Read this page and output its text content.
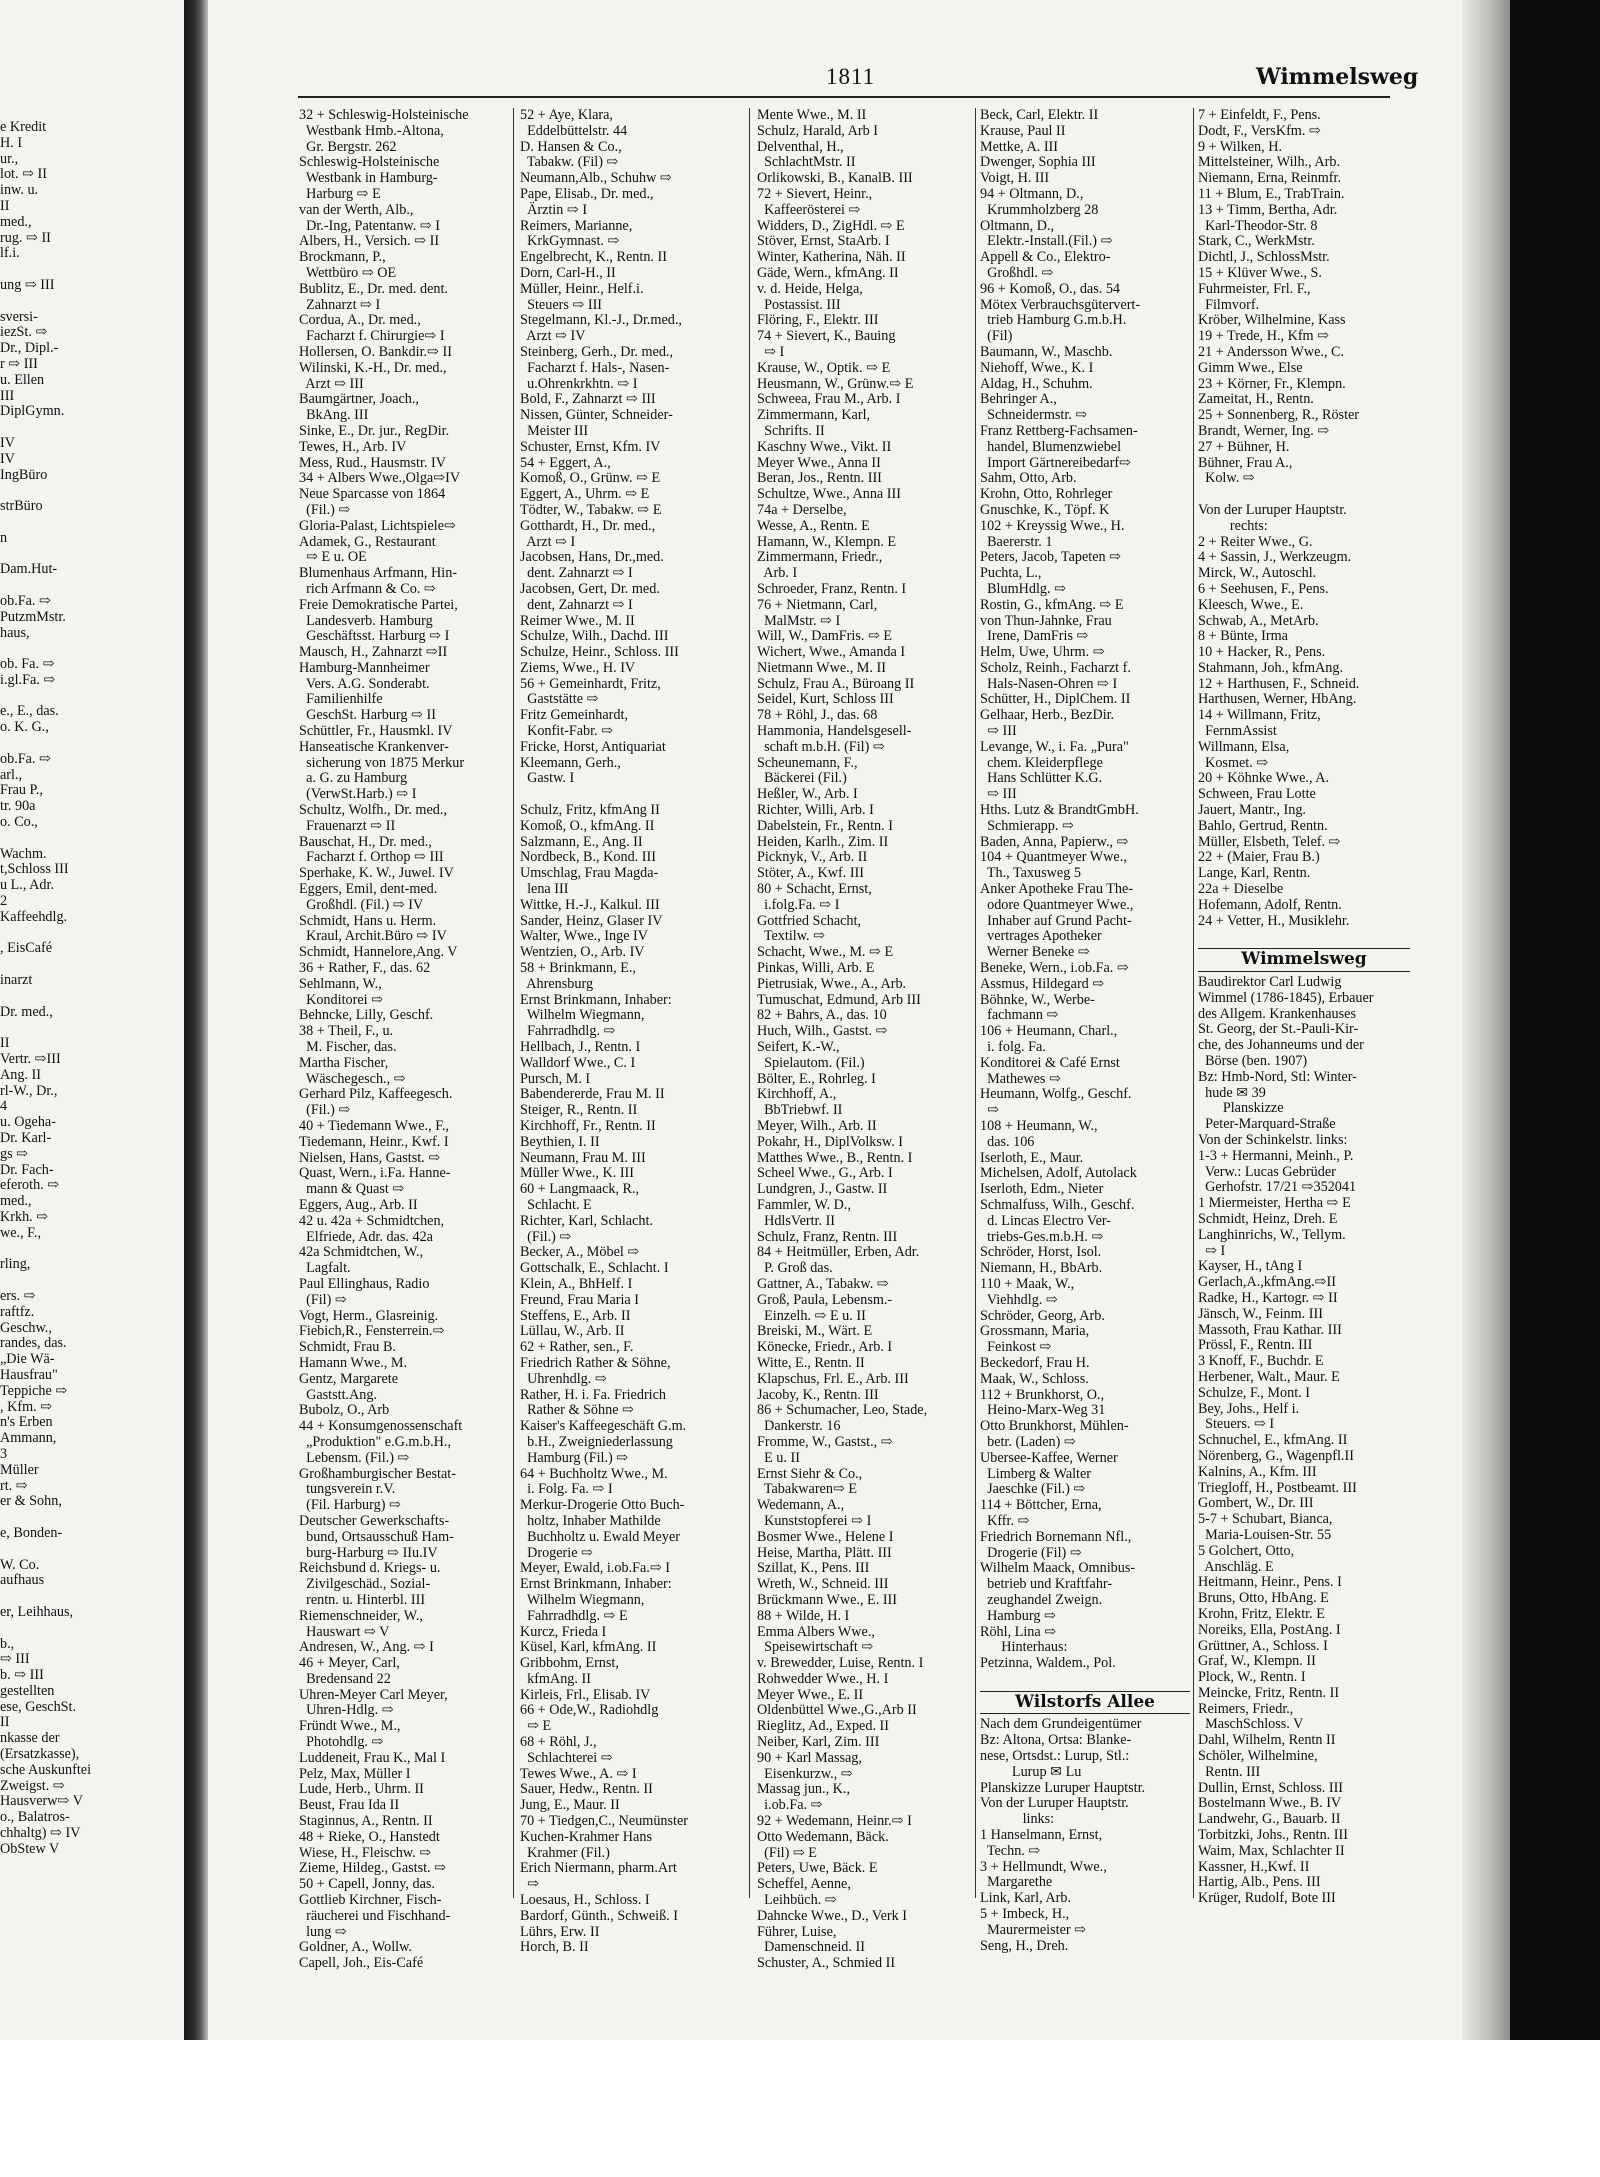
e Kredit
H. I
ur.,
lot. ⇨ II
inw. u.
II
med.,
rug. ⇨ II
lf.i.

ung ⇨ III

sversi-
iezSt. ⇨
Dr., Dipl.-
r ⇨ III
u. Ellen
III
DiplGymn.

IV
IV
IngBüro

strBüro

n

Dam.Hut-

ob.Fa. ⇨
PutzmMstr.
haus,

ob. Fa. ⇨
i.gl.Fa. ⇨

e., E., das.
o. K. G.,

ob.Fa. ⇨
arl.,
Frau P.,
tr. 90a
o. Co.,

Wachm.
t,Schloss III
u L., Adr.
2
Kaffeehdlg.

, EisCafé

inarzt

Dr. med.,

II
Vertr. ⇨III
Ang. II
rl-W., Dr.,
4
u. Ogeha-
Dr. Karl-
gs ⇨
Dr. Fach-
eferoth. ⇨
med.,
Krkh. ⇨
we., F.,

rling,

ers. ⇨
raftfz.
Geschw.,
randes, das.
„Die Wä-
Hausfrau"
Teppiche ⇨
, Kfm. ⇨
n's Erben
Ammann,
3
Müller
rt. ⇨
er & Sohn,

e, Bonden-

W. Co.
aufhaus

er, Leihhaus,

b.,
⇨ III
b. ⇨ III
gestellten
ese, GeschSt.
II
nkasse der
(Ersatzkasse),
sche Auskunftei
Zweigst. ⇨
Hausverw⇨ V
o., Balatros-
chhaltg) ⇨ IV
ObStew V
1811	Wimmelsweg
32 + Schleswig-Holsteinische
Westbank Hmb.-Altona,
Gr. Bergstr. 262
Schleswig-Holsteinische
Westbank in Hamburg-
Harburg ⇨ E
van der Werth, Alb.,
Dr.-Ing, Patentanw. ⇨ I
Albers, H., Versich. ⇨ II
Brockmann, P.,
Wettbüro ⇨ OE
Bublitz, E., Dr. med. dent.
Zahnarzt ⇨ I
Cordua, A., Dr. med.,
Facharzt f. Chirurgie⇨ I
Hollersen, O. Bankdir.⇨ II
Wilinski, K.-H., Dr. med.,
Arzt ⇨ III
Baumgärtner, Joach.,
BkAng. III
Sinke, E., Dr. jur., RegDir.
Tewes, H., Arb. IV
Mess, Rud., Hausmstr. IV
34 + Albers Wwe.,Olga⇨IV
Neue Sparcasse von 1864
(Fil.) ⇨
Gloria-Palast, Lichtspiele⇨
Adamek, G., Restaurant
⇨ E u. OE
Blumenhaus Arfmann, Hin-
rich Arfmann & Co. ⇨
Freie Demokratische Partei,
Landesverb. Hamburg
Geschäftsst. Harburg ⇨ I
Mausch, H., Zahnarzt ⇨II
Hamburg-Mannheimer
Vers. A.G. Sonderabt.
Familienhilfe
GeschSt. Harburg ⇨ II
Schüttler, Fr., Hausmkl. IV
Hanseatische Krankenver-
sicherung von 1875 Merkur
a. G. zu Hamburg
(VerwSt.Harb.) ⇨ I
Schultz, Wolfh., Dr. med.,
Frauenarzt ⇨ II
Bauschat, H., Dr. med.,
Facharzt f. Orthop ⇨ III
Sperhake, K. W., Juwel. IV
Eggers, Emil, dent-med.
Großhdl. (Fil.) ⇨ IV
Schmidt, Hans u. Herm.
Kraul, Archit.Büro ⇨ IV
Schmidt, Hannelore,Ang. V
36 + Rather, F., das. 62
Sehlmann, W.,
Konditorei ⇨
Behncke, Lilly, Geschf.
38 + Theil, F., u.
M. Fischer, das.
Martha Fischer,
Wäschegesch., ⇨
Gerhard Pilz, Kaffeegesch.
(Fil.) ⇨
40 + Tiedemann Wwe., F.,
Tiedemann, Heinr., Kwf. I
Nielsen, Hans, Gastst. ⇨
Quast, Wern., i.Fa. Hanne-
mann & Quast ⇨
Eggers, Aug., Arb. II
42 u. 42a + Schmidtchen,
Elfriede, Adr. das. 42a
42a Schmidtchen, W.,
Lagfalt.
Paul Ellinghaus, Radio
(Fil) ⇨
Vogt, Herm., Glasreinig.
Fiebich,R., Fensterrein.⇨
Schmidt, Frau B.
Hamann Wwe., M.
Gentz, Margarete
Gaststt.Ang.
Bubolz, O., Arb
44 + Konsumgenossenschaft
„Produktion" e.G.m.b.H.,
Lebensm. (Fil.) ⇨
Großhamburgischer Bestat-
tungsverein r.V.
(Fil. Harburg) ⇨
Deutscher Gewerkschafts-
bund, Ortsausschuß Ham-
burg-Harburg ⇨ IIu.IV
Reichsbund d. Kriegs- u.
Zivilgeschäd., Sozial-
rentn. u. Hinterbl. III
Riemenschneider, W.,
Hauswart ⇨ V
Andresen, W., Ang. ⇨ I
46 + Meyer, Carl,
Bredensand 22
Uhren-Meyer Carl Meyer,
Uhren-Hdlg. ⇨
Fründt Wwe., M.,
Photohdlg. ⇨
Luddeneit, Frau K., Mal I
Pelz, Max, Müller I
Lude, Herb., Uhrm. II
Beust, Frau Ida II
Staginnus, A., Rentn. II
48 + Rieke, O., Hanstedt
Wiese, H., Fleischw. ⇨
Zieme, Hildeg., Gastst. ⇨
50 + Capell, Jonny, das.
Gottlieb Kirchner, Fisch-
räucherei und Fischhand-
lung ⇨
Goldner, A., Wollw.
Capell, Joh., Eis-Café
52 + Aye, Klara,
Eddelbüttelstr. 44
D. Hansen & Co.,
Tabakw. (Fil) ⇨
Neumann,Alb., Schuhw ⇨
Pape, Elisab., Dr. med.,
Ärztin ⇨ I
Reimers, Marianne,
KrkGymnast. ⇨
Engelbrecht, K., Rentn. II
Dorn, Carl-H., II
Müller, Heinr., Helf.i.
Steuers ⇨ III
Stegelmann, Kl.-J., Dr.med.,
Arzt ⇨ IV
Steinberg, Gerh., Dr. med.,
Facharzt f. Hals-, Nasen-
u.Ohrenkrkhtn. ⇨ I
Bold, F., Zahnarzt ⇨ III
Nissen, Günter, Schneider-
Meister III
Schuster, Ernst, Kfm. IV
54 + Eggert, A.,
Komoß, O., Grünw. ⇨ E
Eggert, A., Uhrm. ⇨ E
Tödter, W., Tabakw. ⇨ E
Gotthardt, H., Dr. med.,
Arzt ⇨ I
Jacobsen, Hans, Dr.,med.
dent. Zahnarzt ⇨ I
Jacobsen, Gert, Dr. med.
dent, Zahnarzt ⇨ I
Reimer Wwe., M. II
Schulze, Wilh., Dachd. III
Schulze, Heinr., Schloss. III
Ziems, Wwe., H. IV
56 + Gemeinhardt, Fritz,
Gaststätte ⇨
Fritz Gemeinhardt,
Konfit-Fabr. ⇨
Fricke, Horst, Antiquariat
Kleemann, Gerh.,
Gastw. I

Schulz, Fritz, kfmAng II
Komoß, O., kfmAng. II
Salzmann, E., Ang. II
Nordbeck, B., Kond. III
Umschlag, Frau Magda-
lena III
Wittke, H.-J., Kalkul. III
Sander, Heinz, Glaser IV
Walter, Wwe., Inge IV
Wentzien, O., Arb. IV
58 + Brinkmann, E.,
Ahrensburg
Ernst Brinkmann, Inhaber:
Wilhelm Wiegmann,
Fahrradhdlg. ⇨
Hellbach, J., Rentn. I
Walldorf Wwe., C. I
Pursch, M. I
Babendererde, Frau M. II
Steiger, R., Rentn. II
Kirchhoff, Fr., Rentn. II
Beythien, I. II
Neumann, Frau M. III
Müller Wwe., K. III
60 + Langmaack, R.,
Schlacht. E
Richter, Karl, Schlacht.
(Fil.) ⇨
Becker, A., Möbel ⇨
Gottschalk, E., Schlacht. I
Klein, A., BhHelf. I
Freund, Frau Maria I
Steffens, E., Arb. II
Lüllau, W., Arb. II
62 + Rather, sen., F.
Friedrich Rather & Söhne,
Uhrenhdlg. ⇨
Rather, H. i. Fa. Friedrich
Rather & Söhne ⇨
Kaiser's Kaffeegeschäft G.m.
b.H., Zweigniederlassung
Hamburg (Fil.) ⇨
64 + Buchholtz Wwe., M.
i. Folg. Fa. ⇨ I
Merkur-Drogerie Otto Buch-
holtz, Inhaber Mathilde
Buchholtz u. Ewald Meyer
Drogerie ⇨
Meyer, Ewald, i.ob.Fa.⇨ I
Ernst Brinkmann, Inhaber:
Wilhelm Wiegmann,
Fahrradhdlg. ⇨ E
Kurcz, Frieda I
Küsel, Karl, kfmAng. II
Gribbohm, Ernst,
kfmAng. II
Kirleis, Frl., Elisab. IV
66 + Ode,W., Radiohdlg
⇨ E
68 + Röhl, J.,
Schlachterei ⇨
Tewes Wwe., A. ⇨ I
Sauer, Hedw., Rentn. II
Jung, E., Maur. II
70 + Tiedgen,C., Neumünster
Kuchen-Krahmer Hans
Krahmer (Fil.)
Erich Niermann, pharm.Art
⇨
Loesaus, H., Schloss. I
Bardorf, Günth., Schweiß. I
Lührs, Erw. II
Horch, B. II
Mente Wwe., M. II
Schulz, Harald, Arb I
Delventhal, H.,
SchlachtMstr. II
Orlikowski, B., KanalB. III
72 + Sievert, Heinr.,
Kaffeerösterei ⇨
Widders, D., ZigHdl. ⇨ E
Stöver, Ernst, StaArb. I
Winter, Katherina, Näh. II
Gäde, Wern., kfmAng. II
v. d. Heide, Helga,
Postassist. III
Flöring, F., Elektr. III
74 + Sievert, K., Bauing
⇨ I
Krause, W., Optik. ⇨ E
Heusmann, W., Grünw.⇨ E
Schweea, Frau M., Arb. I
Zimmermann, Karl,
Schrifts. II
Kaschny Wwe., Vikt. II
Meyer Wwe., Anna II
Beran, Jos., Rentn. III
Schultze, Wwe., Anna III
74a + Derselbe,
Wesse, A., Rentn. E
Hamann, W., Klempn. E
Zimmermann, Friedr.,
Arb. I
Schroeder, Franz, Rentn. I
76 + Nietmann, Carl,
MalMstr. ⇨ I
Will, W., DamFris. ⇨ E
Wichert, Wwe., Amanda I
Nietmann Wwe., M. II
Schulz, Frau A., Büroang II
Seidel, Kurt, Schloss III
78 + Röhl, J., das. 68
Hammonia, Handelsgesell-
schaft m.b.H. (Fil) ⇨
Scheunemann, F.,
Bäckerei (Fil.)
Heßler, W., Arb. I
Richter, Willi, Arb. I
Dabelstein, Fr., Rentn. I
Heiden, Karlh., Zim. II
Picknyk, V., Arb. II
Stöter, A., Kwf. III
80 + Schacht, Ernst,
i.folg.Fa. ⇨ I
Gottfried Schacht,
Textilw. ⇨
Schacht, Wwe., M. ⇨ E
Pinkas, Willi, Arb. E
Pietrusiak, Wwe., A., Arb.
Tumuschat, Edmund, Arb III
82 + Bahrs, A., das. 10
Huch, Wilh., Gastst. ⇨
Seifert, K.-W.,
Spielautom. (Fil.)
Bölter, E., Rohrleg. I
Kirchhoff, A.,
BbTriebwf. II
Meyer, Wilh., Arb. II
Pokahr, H., DiplVolksw. I
Matthes Wwe., B., Rentn. I
Scheel Wwe., G., Arb. I
Lundgren, J., Gastw. II
Fammler, W. D.,
HdlsVertr. II
Schulz, Franz, Rentn. III
84 + Heitmüller, Erben, Adr.
P. Groß das.
Gattner, A., Tabakw. ⇨
Groß, Paula, Lebensm.-
Einzelh. ⇨ E u. II
Breiski, M., Wärt. E
Könecke, Friedr., Arb. I
Witte, E., Rentn. II
Klapschus, Frl. E., Arb. III
Jacoby, K., Rentn. III
86 + Schumacher, Leo, Stade,
Dankerstr. 16
Fromme, W., Gastst., ⇨
E u. II
Ernst Siehr & Co.,
Tabakwaren⇨ E
Wedemann, A.,
Kunststopferei ⇨ I
Bosmer Wwe., Helene I
Heise, Martha, Plätt. III
Szillat, K., Pens. III
Wreth, W., Schneid. III
Brückmann Wwe., E. III
88 + Wilde, H. I
Emma Albers Wwe.,
Speisewirtschaft ⇨
v. Brewedder, Luise, Rentn. I
Rohwedder Wwe., H. I
Meyer Wwe., E. II
Oldenbüttel Wwe.,G.,Arb II
Rieglitz, Ad., Exped. II
Neiber, Karl, Zim. III
90 + Karl Massag,
Eisenkurzw., ⇨
Massag jun., K.,
i.ob.Fa. ⇨
92 + Wedemann, Heinr.⇨ I
Otto Wedemann, Bäck.
(Fil) ⇨ E
Peters, Uwe, Bäck. E
Scheffel, Aenne,
Leihbüch. ⇨
Dahncke Wwe., D., Verk I
Führer, Luise,
Damenschneid. II
Schuster, A., Schmied II
Beck, Carl, Elektr. II
Krause, Paul II
Mettke, A. III
Dwenger, Sophia III
Voigt, H. III
94 + Oltmann, D.,
Krummholzberg 28
Oltmann, D.,
Elektr.-Install.(Fil.) ⇨
Appell & Co., Elektro-
Großhdl. ⇨
96 + Komoß, O., das. 54
Mötex Verbrauchsgütervert-
trieb Hamburg G.m.b.H.
(Fil)
Baumann, W., Maschb.
Niehoff, Wwe., K. I
Aldag, H., Schuhm.
Behringer A.,
Schneidermstr. ⇨
Franz Rettberg-Fachsamen-
handel, Blumenzwiebel
Import Gärtnereibedarf⇨
Sahm, Otto, Arb.
Krohn, Otto, Rohrleger
Gnuschke, K., Töpf. K
102 + Kreyssig Wwe., H.
Baererstr. 1
Peters, Jacob, Tapeten ⇨
Puchta, L.,
BlumHdlg. ⇨
Rostin, G., kfmAng. ⇨ E
von Thun-Jahnke, Frau
Irene, DamFris ⇨
Helm, Uwe, Uhrm. ⇨
Scholz, Reinh., Facharzt f.
Hals-Nasen-Ohren ⇨ I
Schütter, H., DiplChem. II
Gelhaar, Herb., BezDir.
⇨ III
Levange, W., i. Fa. „Pura"
chem. Kleiderpflege
Hans Schlütter K.G.
⇨ III
Hths. Lutz & BrandtGmbH.
Schmierapp. ⇨
Baden, Anna, Papierw., ⇨
104 + Quantmeyer Wwe.,
Th., Taxusweg 5
Anker Apotheke Frau The-
odore Quantmeyer Wwe.,
Inhaber auf Grund Pacht-
vertrages Apotheker
Werner Beneke ⇨
Beneke, Wern., i.ob.Fa. ⇨
Assmus, Hildegard ⇨
Böhnke, W., Werbe-
fachmann ⇨
106 + Heumann, Charl.,
i. folg. Fa.
Konditorei & Café Ernst
Mathewes ⇨
Heumann, Wolfg., Geschf.
⇨
108 + Heumann, W.,
das. 106
Iserloth, E., Maur.
Michelsen, Adolf, Autolack
Iserloth, Edm., Nieter
Schmalfuss, Wilh., Geschf.
d. Lincas Electro Ver-
triebs-Ges.m.b.H. ⇨
Schröder, Horst, Isol.
Niemann, H., BbArb.
110 + Maak, W.,
Viehhdlg. ⇨
Schröder, Georg, Arb.
Grossmann, Maria,
Feinkost ⇨
Beckedorf, Frau H.
Maak, W., Schloss.
112 + Brunkhorst, O.,
Heino-Marx-Weg 31
Otto Brunkhorst, Mühlen-
betr. (Laden) ⇨
Ubersee-Kaffee, Werner
Limberg & Walter
Jaeschke (Fil.) ⇨
114 + Böttcher, Erna,
Kffr. ⇨
Friedrich Bornemann Nfl.,
Drogerie (Fil) ⇨
Wilhelm Maack, Omnibus-
betrieb und Kraftfahr-
zeughandel Zweign.
Hamburg ⇨
Röhl, Lina ⇨
Hinterhaus:
Petzinna, Waldem., Pol.

Wilstorfs Allee
Nach dem Grundeigentümer
Bz: Altona, Ortsa: Blanke-
nese, Ortsdst.: Lurup, Stl.:
Lurup ✉ Lu
Planskizze Luruper Hauptstr.
Von der Luruper Hauptstr.
links:
1 Hanselmann, Ernst,
Techn. ⇨
3 + Hellmundt, Wwe.,
Margarethe
Link, Karl, Arb.
5 + Imbeck, H.,
Maurermeister ⇨
Seng, H., Dreh.
7 + Einfeldt, F., Pens.
Dodt, F., VersKfm. ⇨
9 + Wilken, H.
Mittelsteiner, Wilh., Arb.
Niemann, Erna, Reinmfr.
11 + Blum, E., TrabTrain.
13 + Timm, Bertha, Adr.
Karl-Theodor-Str. 8
Stark, C., WerkMstr.
Dichtl, J., SchlossMstr.
15 + Klüver Wwe., S.
Fuhrmeister, Frl. F.,
Filmvorf.
Kröber, Wilhelmine, Kass
19 + Trede, H., Kfm ⇨
21 + Andersson Wwe., C.
Gimm Wwe., Else
23 + Körner, Fr., Klempn.
Zameitat, H., Rentn.
25 + Sonnenberg, R., Röster
Brandt, Werner, Ing. ⇨
27 + Bühner, H.
Bühner, Frau A.,
Kolw. ⇨

Von der Luruper Hauptstr.
rechts:
2 + Reiter Wwe., G.
4 + Sassin, J., Werkzeugm.
Mirck, W., Autoschl.
6 + Seehusen, F., Pens.
Kleesch, Wwe., E.
Schwab, A., MetArb.
8 + Bünte, Irma
10 + Hacker, R., Pens.
Stahmann, Joh., kfmAng.
12 + Harthusen, F., Schneid.
Harthusen, Werner, HbAng.
14 + Willmann, Fritz,
FernmAssist
Willmann, Elsa,
Kosmet. ⇨
20 + Köhnke Wwe., A.
Schween, Frau Lotte
Jauert, Mantr., Ing.
Bahlo, Gertrud, Rentn.
Müller, Elsbeth, Telef. ⇨
22 + (Maier, Frau B.)
Lange, Karl, Rentn.
22a + Dieselbe
Hofemann, Adolf, Rentn.
24 + Vetter, H., Musiklehr.

Wimmelsweg
Baudirektor Carl Ludwig
Wimmel (1786-1845), Erbauer
des Allgem. Krankenhauses
St. Georg, der St.-Pauli-Kir-
che, des Johanneums und der
Börse (ben. 1907)
Bz: Hmb-Nord, Stl: Winter-
hude ✉ 39
Planskizze
Peter-Marquard-Straße
Von der Schinkelstr. links:
1-3 + Hermanni, Meinh., P.
Verw.: Lucas Gebrüder
Gerhofstr. 17/21 ⇨352041
1 Miermeister, Hertha ⇨ E
Schmidt, Heinz, Dreh. E
Langhinrichs, W., Tellym.
⇨ I
Kayser, H., tAng I
Gerlach,A.,kfmAng.⇨II
Radke, H., Kartogr. ⇨ II
Jänsch, W., Feinm. III
Massoth, Frau Kathar. III
Prössl, F., Rentn. III
3 Knoff, F., Buchdr. E
Herbener, Walt., Maur. E
Schulze, F., Mont. I
Bey, Johs., Helf i.
Steuers. ⇨ I
Schnuchel, E., kfmAng. II
Nörenberg, G., Wagenpfl.II
Kalnins, A., Kfm. III
Triegloff, H., Postbeamt. III
Gombert, W., Dr. III
5-7 + Schubart, Bianca,
Maria-Louisen-Str. 55
5 Golchert, Otto,
Anschläg. E
Heitmann, Heinr., Pens. I
Bruns, Otto, HbAng. E
Krohn, Fritz, Elektr. E
Noreiks, Ella, PostAng. I
Grüttner, A., Schloss. I
Graf, W., Klempn. II
Plock, W., Rentn. I
Meincke, Fritz, Rentn. II
Reimers, Friedr.,
MaschSchloss. V
Dahl, Wilhelm, Rentn II
Schöler, Wilhelmine,
Rentn. III
Dullin, Ernst, Schloss. III
Bostelmann Wwe., B. IV
Landwehr, G., Bauarb. II
Torbitzki, Johs., Rentn. III
Waim, Max, Schlachter II
Kassner, H.,Kwf. II
Hartig, Alb., Pens. III
Krüger, Rudolf, Bote III
